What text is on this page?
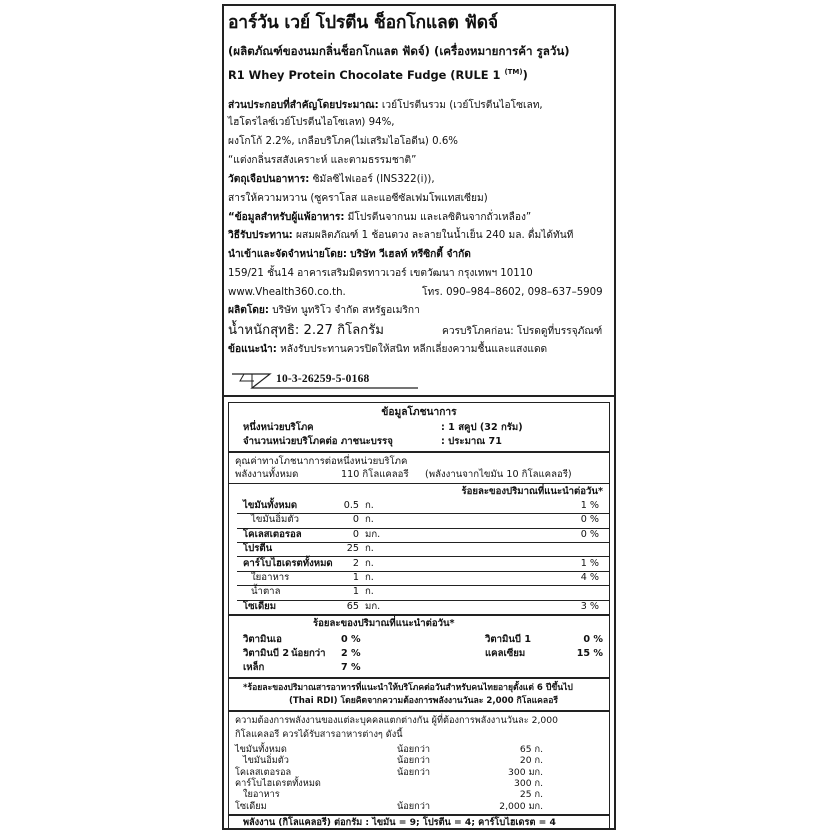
อาร์วัน เวย์ โปรตีน ช็อกโกแลต ฟัดจ์
(ผลิตภัณฑ์ของนมกลิ่นช็อกโกแลต ฟัดจ์) (เครื่องหมายการค้า รูลวัน)
R1 Whey Protein Chocolate Fudge (RULE 1 $^{(TM)}$)
ส่วนประกอบที่สำคัญโดยประมาณ: เวย์โปรตีนรวม (เวย์โปรตีนไอโซเลท,
ไฮโดรไลซ์เวย์โปรตีนไอโซเลท) 94%,
ผงโกโก้ 2.2%, เกลือบริโภค(ไม่เสริมไอโอดีน) 0.6%
“แต่งกลิ่นรสสังเคราะห์ และตามธรรมชาติ”
วัตถุเจือปนอาหาร: ซิมัลซิไฟเออร์ (INS322(i)),
สารให้ความหวาน (ซูคราโลส และแอซีซัลเฟมโพแทสเซียม)
“ข้อมูลสำหรับผู้แพ้อาหาร: มีโปรตีนจากนม และเลซิตินจากถั่วเหลือง”
วิธีรับประทาน: ผสมผลิตภัณฑ์ 1 ช้อนตวง ละลายในน้ำเย็น 240 มล. ดื่มได้ทันที
นำเข้าและจัดจำหน่ายโดย: บริษัท วีเฮลท์ ทรีซิกตี้ จำกัด
159/21 ชั้น14 อาคารเสริมมิตรทาวเวอร์ เขตวัฒนา กรุงเทพฯ 10110
www.Vhealth360.co.th.	โทร. 090–984–8602, 098–637–5909
ผลิตโดย: บริษัท นูทริโว จำกัด สหรัฐอเมริกา
น้ำหนักสุทธิ: 2.27 กิโลกรัม	ควรบริโภคก่อน: โปรดดูที่บรรจุภัณฑ์
ข้อแนะนำ: หลังรับประทานควรปิดให้สนิท หลีกเลี่ยงความชื้นและแสงแดด
10-3-26259-5-0168
ข้อมูลโภชนาการ
หนึ่งหน่วยบริโภค	: 1 สคูป (32 กรัม)
จำนวนหน่วยบริโภคต่อ ภาชนะบรรจุ	: ประมาณ 71
คุณค่าทางโภชนาการต่อหนึ่งหน่วยบริโภค
พลังงานทั้งหมด	110 กิโลแคลอรี (พลังงานจากไขมัน 10 กิโลแคลอรี)
ร้อยละของปริมาณที่แนะนำต่อวัน*
ไขมันทั้งหมด	0.5 ก.	1 %
ไขมันอิ่มตัว	0 ก.	0 %
โคเลสเตอรอล	0 มก.	0 %
โปรตีน	25 ก.
คาร์โบไฮเดรตทั้งหมด	2 ก.	1 %
ใยอาหาร	1 ก.	4 %
น้ำตาล	1 ก.
โซเดียม	65 มก.	3 %
ร้อยละของปริมาณที่แนะนำต่อวัน*
วิตามินเอ	0 %	วิตามินบี 1	0 %
วิตามินบี 2 น้อยกว่า 2 %	แคลเซียม	15 %
เหล็ก	7 %
*ร้อยละของปริมาณสารอาหารที่แนะนำให้บริโภคต่อวันสำหรับคนไทยอายุตั้งแต่ 6 ปีขึ้นไป
(Thai RDI) โดยคิดจากความต้องการพลังงานวันละ 2,000 กิโลแคลอรี
ความต้องการพลังงานของแต่ละบุคคลแตกต่างกัน ผู้ที่ต้องการพลังงานวันละ 2,000
กิโลแคลอรี ควรได้รับสารอาหารต่างๆ ดังนี้
ไขมันทั้งหมด	น้อยกว่า	65 ก.
ไขมันอิ่มตัว	น้อยกว่า	20 ก.
โคเลสเตอรอล	น้อยกว่า	300 มก.
คาร์โบไฮเดรตทั้งหมด	300 ก.
ใยอาหาร	25 ก.
โซเดียม	น้อยกว่า	2,000 มก.
พลังงาน (กิโลแคลอรี) ต่อกรัม : ไขมัน = 9; โปรตีน = 4; คาร์โบไฮเดรต = 4
